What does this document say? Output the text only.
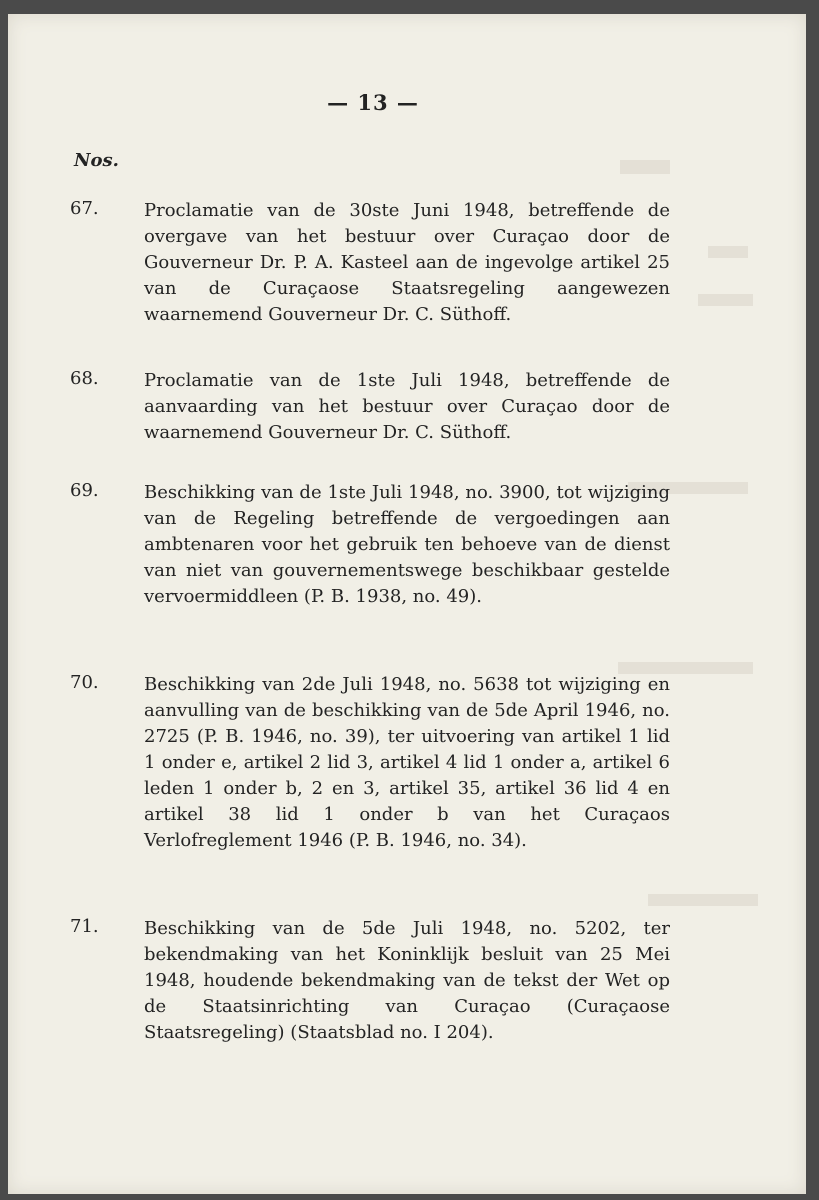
— 13 —
Nos.
67.	Proclamatie van de 30ste Juni 1948, betreffende de overgave van het bestuur over Curaçao door de Gouverneur Dr. P. A. Kasteel aan de ingevolge artikel 25 van de Curaçaose Staatsregeling aangewezen waarnemend Gouverneur Dr. C. Süthoff.
68.	Proclamatie van de 1ste Juli 1948, betreffende de aanvaarding van het bestuur over Curaçao door de waarnemend Gouverneur Dr. C. Süthoff.
69.	Beschikking van de 1ste Juli 1948, no. 3900, tot wijziging van de Regeling betreffende de vergoedingen aan ambtenaren voor het gebruik ten behoeve van de dienst van niet van gouvernementswege beschikbaar gestelde vervoermiddleen (P. B. 1938, no. 49).
70.	Beschikking van 2de Juli 1948, no. 5638 tot wijziging en aanvulling van de beschikking van de 5de April 1946, no. 2725 (P. B. 1946, no. 39), ter uitvoering van artikel 1 lid 1 onder e, artikel 2 lid 3, artikel 4 lid 1 onder a, artikel 6 leden 1 onder b, 2 en 3, artikel 35, artikel 36 lid 4 en artikel 38 lid 1 onder b van het Curaçaos Verlofreglement 1946 (P. B. 1946, no. 34).
71.	Beschikking van de 5de Juli 1948, no. 5202, ter bekendmaking van het Koninklijk besluit van 25 Mei 1948, houdende bekendmaking van de tekst der Wet op de Staatsinrichting van Curaçao (Curaçaose Staatsregeling) (Staatsblad no. I 204).
